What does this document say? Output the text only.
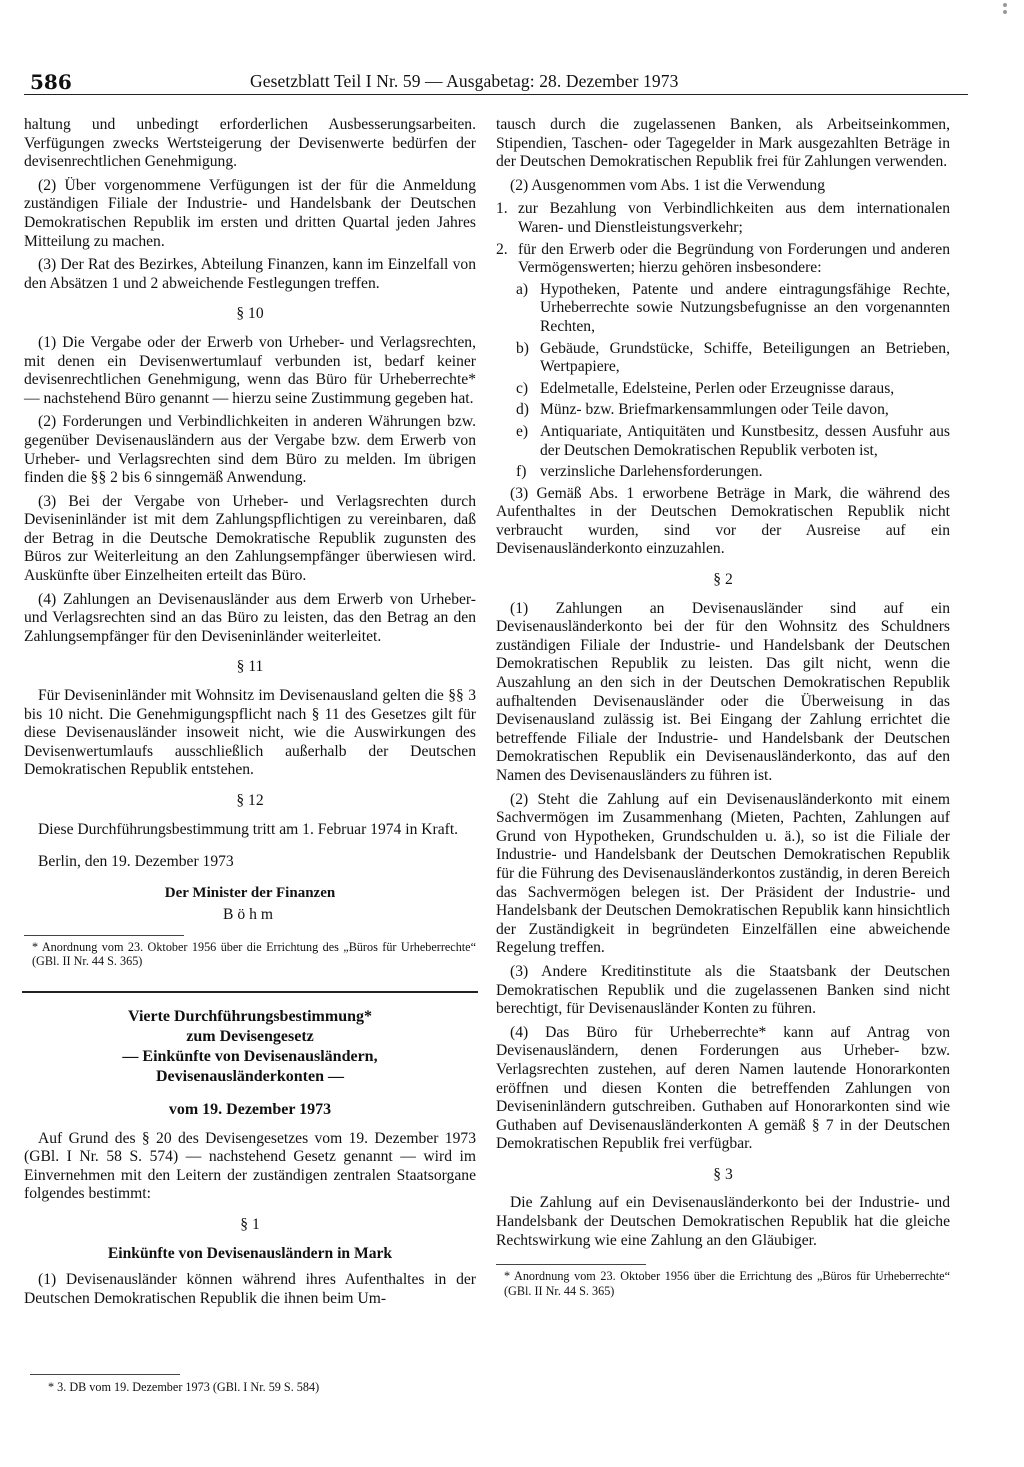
586	Gesetzblatt Teil I Nr. 59 — Ausgabetag: 28. Dezember 1973

haltung und unbedingt erforderlichen Ausbesserungsarbeiten. Verfügungen zwecks Wertsteigerung der Devisenwerte bedürfen der devisenrechtlichen Genehmigung.

(2) Über vorgenommene Verfügungen ist der für die Anmeldung zuständigen Filiale der Industrie- und Handelsbank der Deutschen Demokratischen Republik im ersten und dritten Quartal jeden Jahres Mitteilung zu machen.

(3) Der Rat des Bezirkes, Abteilung Finanzen, kann im Einzelfall von den Absätzen 1 und 2 abweichende Festlegungen treffen.

§ 10

(1) Die Vergabe oder der Erwerb von Urheber- und Verlagsrechten, mit denen ein Devisenwertumlauf verbunden ist, bedarf keiner devisenrechtlichen Genehmigung, wenn das Büro für Urheberrechte* — nachstehend Büro genannt — hierzu seine Zustimmung gegeben hat.

(2) Forderungen und Verbindlichkeiten in anderen Währungen bzw. gegenüber Devisenausländern aus der Vergabe bzw. dem Erwerb von Urheber- und Verlagsrechten sind dem Büro zu melden. Im übrigen finden die §§ 2 bis 6 sinngemäß Anwendung.

(3) Bei der Vergabe von Urheber- und Verlagsrechten durch Deviseninländer ist mit dem Zahlungspflichtigen zu vereinbaren, daß der Betrag in die Deutsche Demokratische Republik zugunsten des Büros zur Weiterleitung an den Zahlungsempfänger überwiesen wird. Auskünfte über Einzelheiten erteilt das Büro.

(4) Zahlungen an Devisenausländer aus dem Erwerb von Urheber- und Verlagsrechten sind an das Büro zu leisten, das den Betrag an den Zahlungsempfänger für den Deviseninländer weiterleitet.

§ 11

Für Deviseninländer mit Wohnsitz im Devisenausland gelten die §§ 3 bis 10 nicht. Die Genehmigungspflicht nach § 11 des Gesetzes gilt für diese Devisenausländer insoweit nicht, wie die Auswirkungen des Devisenwertumlaufs ausschließlich außerhalb der Deutschen Demokratischen Republik entstehen.

§ 12

Diese Durchführungsbestimmung tritt am 1. Februar 1974 in Kraft.

Berlin, den 19. Dezember 1973

Der Minister der Finanzen

Böhm

* Anordnung vom 23. Oktober 1956 über die Errichtung des „Büros für Urheberrechte“ (GBl. II Nr. 44 S. 365)

Vierte Durchführungsbestimmung*

zum Devisengesetz

— Einkünfte von Devisenausländern,

Devisenausländerkonten —

vom 19. Dezember 1973

Auf Grund des § 20 des Devisengesetzes vom 19. Dezember 1973 (GBl. I Nr. 58 S. 574) — nachstehend Gesetz genannt — wird im Einvernehmen mit den Leitern der zuständigen zentralen Staatsorgane folgendes bestimmt:

§ 1

Einkünfte von Devisenausländern in Mark

(1) Devisenausländer können während ihres Aufenthaltes in der Deutschen Demokratischen Republik die ihnen beim Um-

* 3. DB vom 19. Dezember 1973 (GBl. I Nr. 59 S. 584)

tausch durch die zugelassenen Banken, als Arbeitseinkommen, Stipendien, Taschen- oder Tagegelder in Mark ausgezahlten Beträge in der Deutschen Demokratischen Republik frei für Zahlungen verwenden.

(2) Ausgenommen vom Abs. 1 ist die Verwendung

1. zur Bezahlung von Verbindlichkeiten aus dem internationalen Waren- und Dienstleistungsverkehr;

2. für den Erwerb oder die Begründung von Forderungen und anderen Vermögenswerten; hierzu gehören insbesondere:

a) Hypotheken, Patente und andere eintragungsfähige Rechte, Urheberrechte sowie Nutzungsbefugnisse an den vorgenannten Rechten,

b) Gebäude, Grundstücke, Schiffe, Beteiligungen an Betrieben, Wertpapiere,

c) Edelmetalle, Edelsteine, Perlen oder Erzeugnisse daraus,

d) Münz- bzw. Briefmarkensammlungen oder Teile davon,

e) Antiquariate, Antiquitäten und Kunstbesitz, dessen Ausfuhr aus der Deutschen Demokratischen Republik verboten ist,

f) verzinsliche Darlehensforderungen.

(3) Gemäß Abs. 1 erworbene Beträge in Mark, die während des Aufenthaltes in der Deutschen Demokratischen Republik nicht verbraucht wurden, sind vor der Ausreise auf ein Devisenausländerkonto einzuzahlen.

§ 2

(1) Zahlungen an Devisenausländer sind auf ein Devisenausländerkonto bei der für den Wohnsitz des Schuldners zuständigen Filiale der Industrie- und Handelsbank der Deutschen Demokratischen Republik zu leisten. Das gilt nicht, wenn die Auszahlung an den sich in der Deutschen Demokratischen Republik aufhaltenden Devisenausländer oder die Überweisung in das Devisenausland zulässig ist. Bei Eingang der Zahlung errichtet die betreffende Filiale der Industrie- und Handelsbank der Deutschen Demokratischen Republik ein Devisenausländerkonto, das auf den Namen des Devisenausländers zu führen ist.

(2) Steht die Zahlung auf ein Devisenausländerkonto mit einem Sachvermögen im Zusammenhang (Mieten, Pachten, Zahlungen auf Grund von Hypotheken, Grundschulden u. ä.), so ist die Filiale der Industrie- und Handelsbank der Deutschen Demokratischen Republik für die Führung des Devisenausländerkontos zuständig, in deren Bereich das Sachvermögen belegen ist. Der Präsident der Industrie- und Handelsbank der Deutschen Demokratischen Republik kann hinsichtlich der Zuständigkeit in begründeten Einzelfällen eine abweichende Regelung treffen.

(3) Andere Kreditinstitute als die Staatsbank der Deutschen Demokratischen Republik und die zugelassenen Banken sind nicht berechtigt, für Devisenausländer Konten zu führen.

(4) Das Büro für Urheberrechte* kann auf Antrag von Devisenausländern, denen Forderungen aus Urheber- bzw. Verlagsrechten zustehen, auf deren Namen lautende Honorarkonten eröffnen und diesen Konten die betreffenden Zahlungen von Deviseninländern gutschreiben. Guthaben auf Honorarkonten sind wie Guthaben auf Devisenausländerkonten A gemäß § 7 in der Deutschen Demokratischen Republik frei verfügbar.

§ 3

Die Zahlung auf ein Devisenausländerkonto bei der Industrie- und Handelsbank der Deutschen Demokratischen Republik hat die gleiche Rechtswirkung wie eine Zahlung an den Gläubiger.

* Anordnung vom 23. Oktober 1956 über die Errichtung des „Büros für Urheberrechte“ (GBl. II Nr. 44 S. 365)
